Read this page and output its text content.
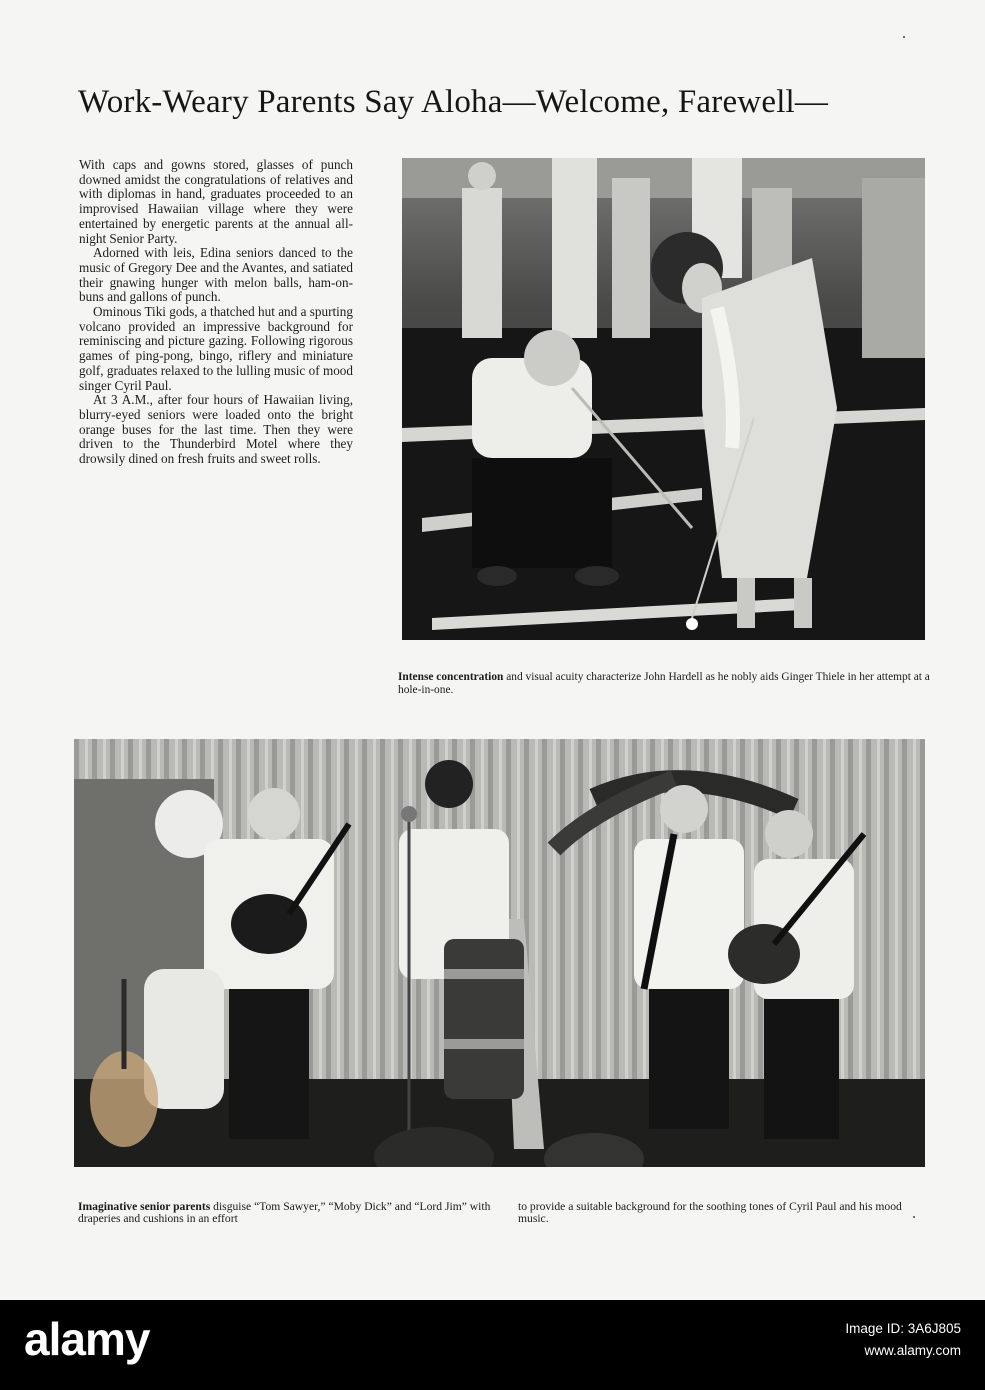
Work-Weary Parents Say Aloha—Welcome, Farewell—

With caps and gowns stored, glasses of punch downed amidst the congratulations of relatives and with diplomas in hand, graduates proceeded to an improvised Hawaiian village where they were entertained by energetic parents at the annual all-night Senior Party.

Adorned with leis, Edina seniors danced to the music of Gregory Dee and the Avantes, and satiated their gnawing hunger with melon balls, ham-on-buns and gallons of punch.

Ominous Tiki gods, a thatched hut and a spurting volcano provided an impressive background for reminiscing and picture gazing. Following rigorous games of ping-pong, bingo, riflery and miniature golf, graduates relaxed to the lulling music of mood singer Cyril Paul.

At 3 A.M., after four hours of Hawaiian living, blurry-eyed seniors were loaded onto the bright orange buses for the last time. Then they were driven to the Thunderbird Motel where they drowsily dined on fresh fruits and sweet rolls.

Intense concentration and visual acuity characterize John Hardell as he nobly aids Ginger Thiele in her attempt at a hole-in-one.

Imaginative senior parents disguise “Tom Sawyer,” “Moby Dick” and “Lord Jim” with draperies and cushions in an effort

to provide a suitable background for the soothing tones of Cyril Paul and his mood music.

alamy	Image ID: 3A6J805
www.alamy.com
